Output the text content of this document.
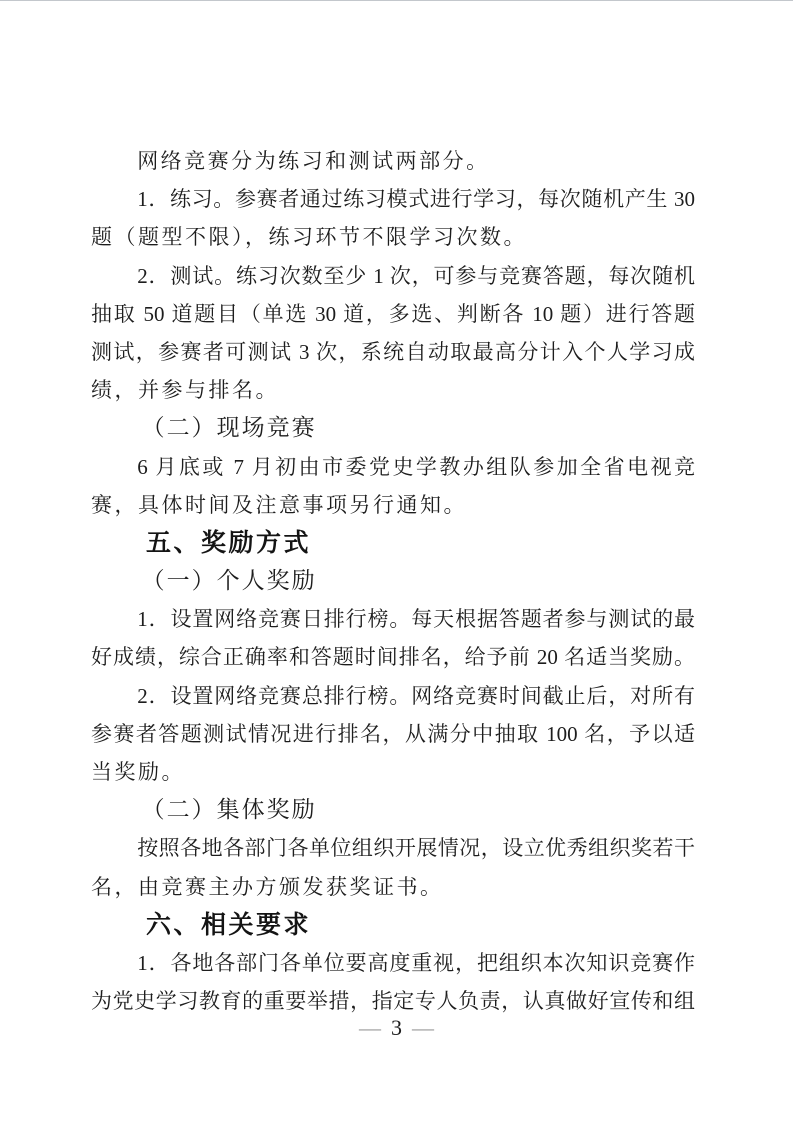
网络竞赛分为练习和测试两部分。
1．练习。参赛者通过练习模式进行学习，每次随机产生 30
题（题型不限），练习环节不限学习次数。
2．测试。练习次数至少 1 次，可参与竞赛答题，每次随机
抽取 50 道题目（单选 30 道，多选、判断各 10 题）进行答题
测试，参赛者可测试 3 次，系统自动取最高分计入个人学习成
绩，并参与排名。
（二）现场竞赛
6 月底或 7 月初由市委党史学教办组队参加全省电视竞
赛，具体时间及注意事项另行通知。
五、奖励方式
（一）个人奖励
1．设置网络竞赛日排行榜。每天根据答题者参与测试的最
好成绩，综合正确率和答题时间排名，给予前 20 名适当奖励。
2．设置网络竞赛总排行榜。网络竞赛时间截止后，对所有
参赛者答题测试情况进行排名，从满分中抽取 100 名，予以适
当奖励。
（二）集体奖励
按照各地各部门各单位组织开展情况，设立优秀组织奖若干
名，由竞赛主办方颁发获奖证书。
六、相关要求
1．各地各部门各单位要高度重视，把组织本次知识竞赛作
为党史学习教育的重要举措，指定专人负责，认真做好宣传和组
— 3 —
